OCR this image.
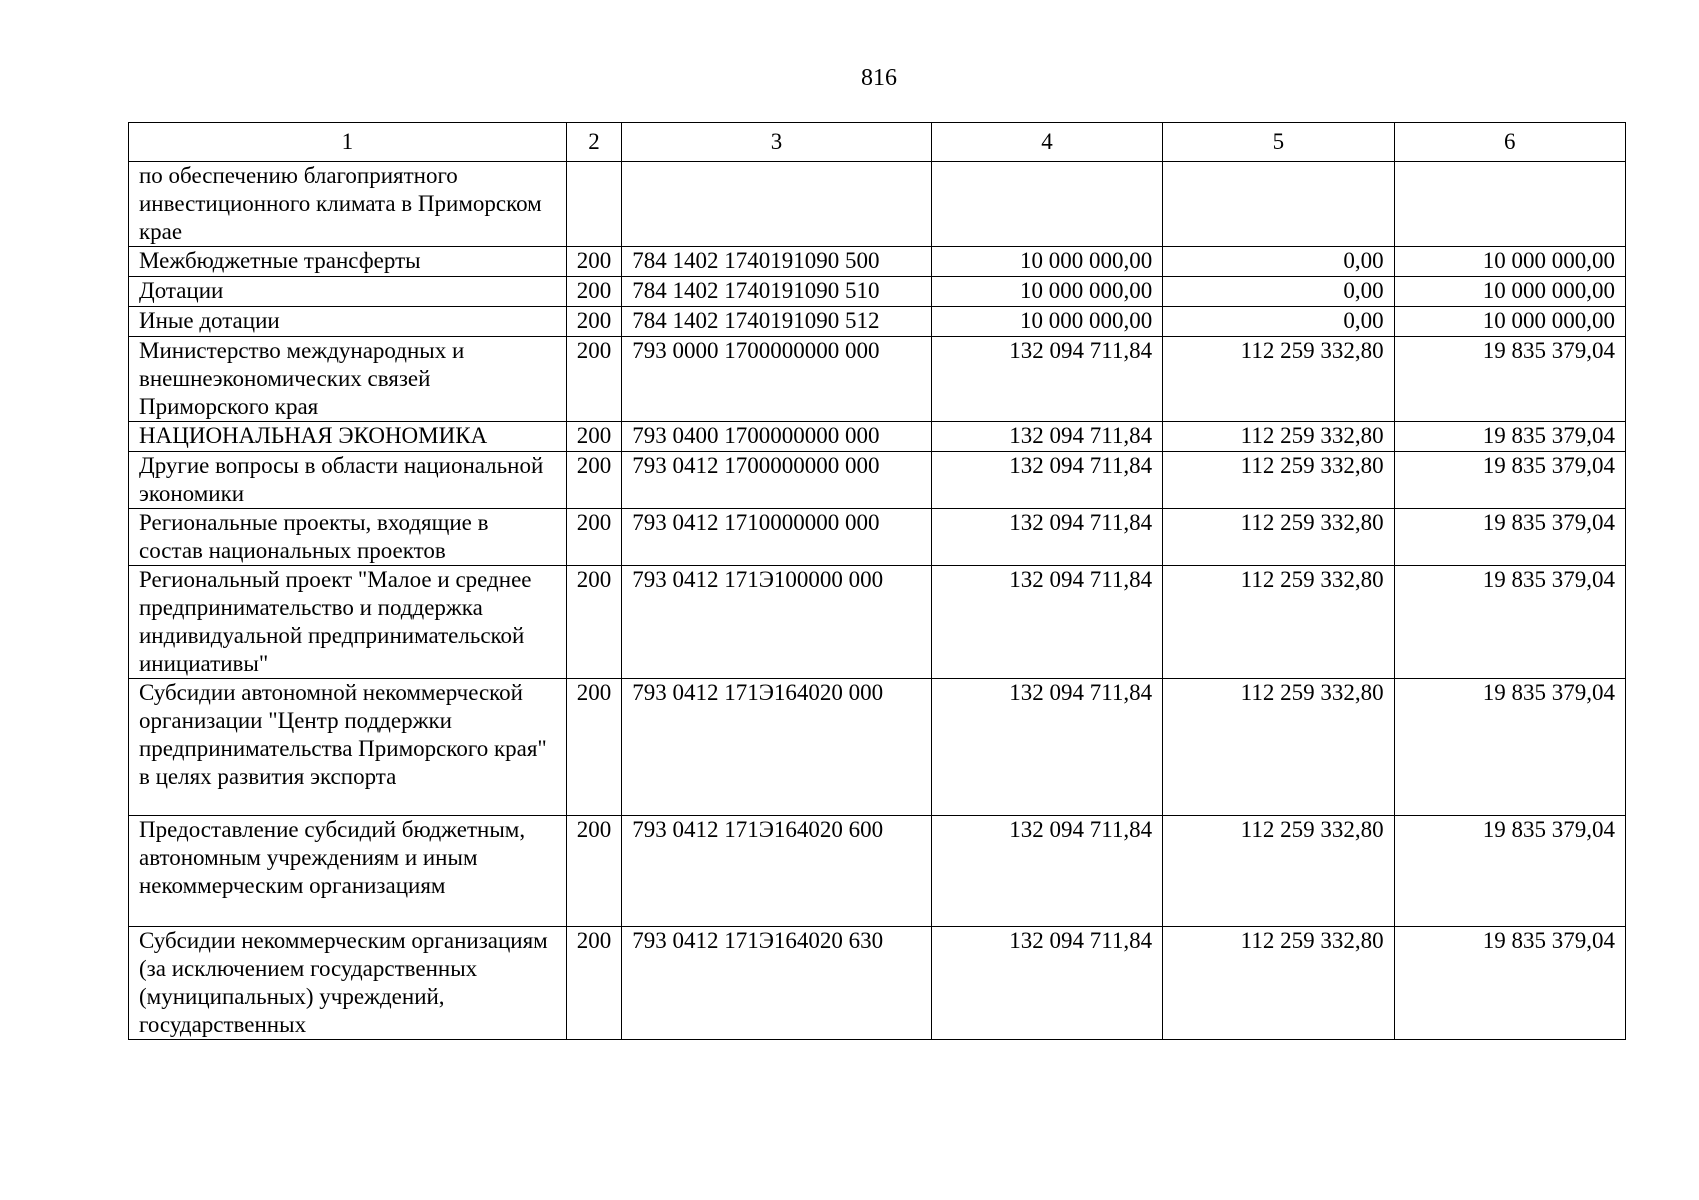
816
1	2	3	4	5	6
по обеспечению благоприятного инвестиционного климата в Приморском крае					
Межбюджетные трансферты	200	784 1402 1740191090 500	10 000 000,00	0,00	10 000 000,00
Дотации	200	784 1402 1740191090 510	10 000 000,00	0,00	10 000 000,00
Иные дотации	200	784 1402 1740191090 512	10 000 000,00	0,00	10 000 000,00
Министерство международных и внешнеэкономических связей Приморского края	200	793 0000 1700000000 000	132 094 711,84	112 259 332,80	19 835 379,04
НАЦИОНАЛЬНАЯ ЭКОНОМИКА	200	793 0400 1700000000 000	132 094 711,84	112 259 332,80	19 835 379,04
Другие вопросы в области национальной экономики	200	793 0412 1700000000 000	132 094 711,84	112 259 332,80	19 835 379,04
Региональные проекты, входящие в состав национальных проектов	200	793 0412 1710000000 000	132 094 711,84	112 259 332,80	19 835 379,04
Региональный проект "Малое и среднее предпринимательство и поддержка индивидуальной предпринимательской инициативы"	200	793 0412 171Э100000 000	132 094 711,84	112 259 332,80	19 835 379,04
Субсидии автономной некоммерческой организации "Центр поддержки предпринимательства Приморского края" в целях развития экспорта	200	793 0412 171Э164020 000	132 094 711,84	112 259 332,80	19 835 379,04
Предоставление субсидий бюджетным, автономным учреждениям и иным некоммерческим организациям	200	793 0412 171Э164020 600	132 094 711,84	112 259 332,80	19 835 379,04
Субсидии некоммерческим организациям (за исключением государственных (муниципальных) учреждений, государственных	200	793 0412 171Э164020 630	132 094 711,84	112 259 332,80	19 835 379,04
